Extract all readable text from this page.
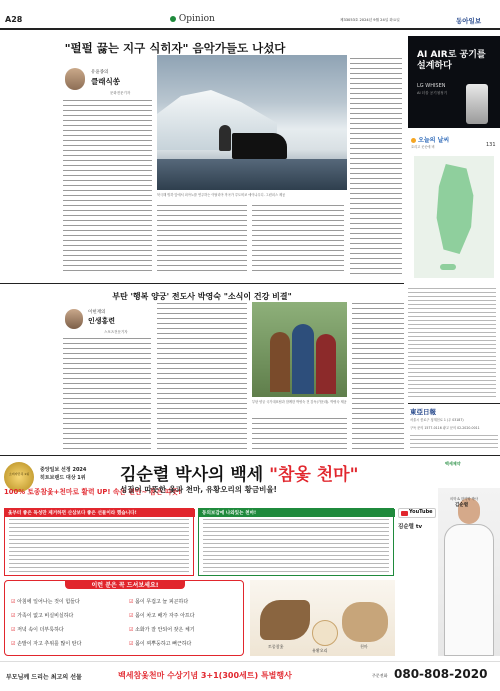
A28	Opinion	제33053호 2024년 9월 24일 화요일	동아일보
"펄펄 끓는 지구 식히자" 음악가들도 나섰다
유윤종의
클래식쏭
문화전문기자
북극해 빙하 앞에서 피아노를 연주하는 이탈리아 작곡가 루도비코 에이나우디. 그린피스 제공
AI AIR로 공기를 설계하다
LG WHISEN
AI 더블 공기청정기
오늘의 날씨
흐리고 곳곳에 비	131
부탄 '행복 양궁' 전도사 박영숙 "소식이 건강 비결"
이헌재의
인생홍련
스포츠전문기자
부탄 양궁 국가대표팀과 함께한 박영숙 전 감독(가운데). 박영숙 제공
東亞日報
서울시 종로구 청계천로 1 (우 03187)
구독 문의 1577-0116 광고 문의 02-2020-0011
백세제약
소비자만족 1위
중앙일보 선정 2024
히트브랜드 대상 1위 김순렬 박사의 백세 "참옻 천마"
100% 토종참옻+천마로 활력 UP! 속은 편안~ 몸은 따뜻!
성질이 따뜻한 옻과 천마, 유황오리의 황금비율!
옻부터 좋은 독성만 제거하면 산삼보다 좋은 선물이라 했습니다!	동의보감에 나와있는 천마!
이런 분은 꼭 드셔보세요!
☑ 아침에 일어나는 것이 힘들다
☑ 가족이 없고 비실비실하다
☑ 저녁 속이 더부룩하다
☑ 손발이 자고 추위를 많이 탄다
☑ 몸이 무겁고 늘 피곤하다
☑ 몸이 차고 배가 자주 아프다
☑ 소화가 잘 안되어 잦은 체기
☑ 몸이 찌뿌둥하고 뻐근하다	토종참옻
유황오리
천마
YouTube
김순렬 tv
의학 & 한약학 박사
김순렬
부모님께 드리는 최고의 선물	백세참옻천마 수상기념 3+1(300세트) 특별행사	주문전화 080-808-2020
